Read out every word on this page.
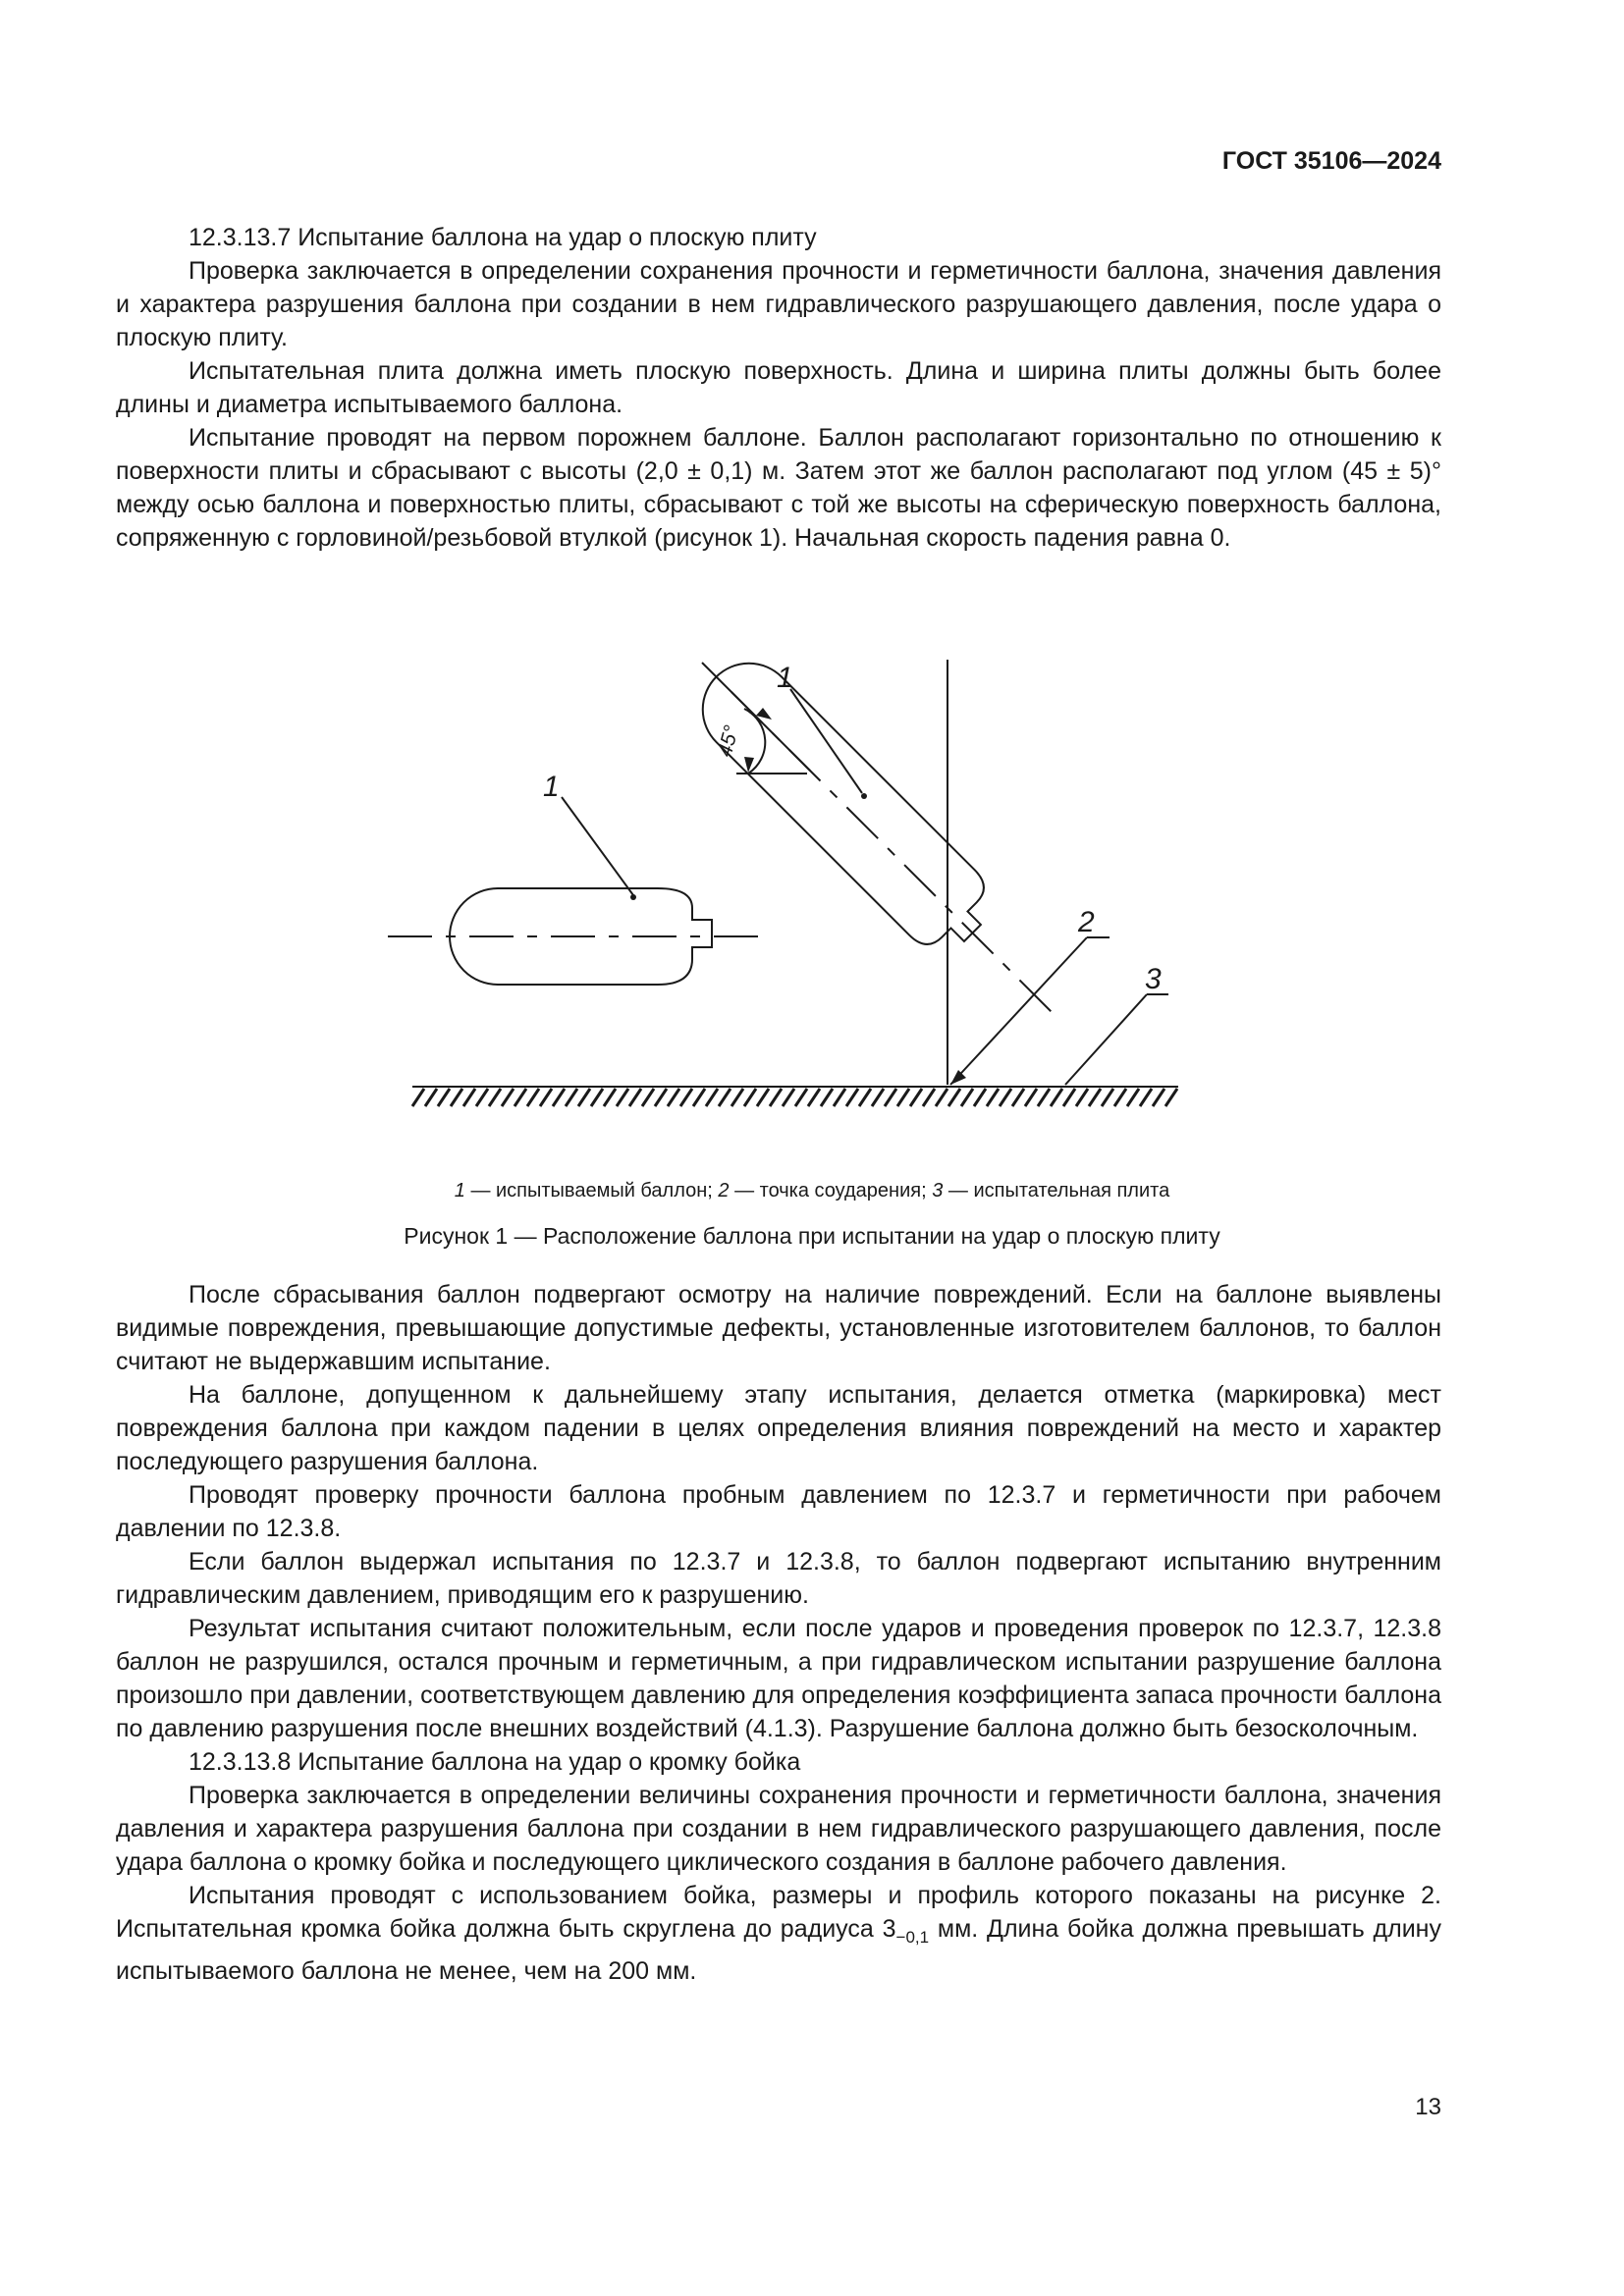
ГОСТ 35106—2024

12.3.13.7 Испытание баллона на удар о плоскую плиту

Проверка заключается в определении сохранения прочности и герметичности баллона, значения давления и характера разрушения баллона при создании в нем гидравлического разрушающего давления, после удара о плоскую плиту.

Испытательная плита должна иметь плоскую поверхность. Длина и ширина плиты должны быть более длины и диаметра испытываемого баллона.

Испытание проводят на первом порожнем баллоне. Баллон располагают горизонтально по отношению к поверхности плиты и сбрасывают с высоты (2,0 ± 0,1) м. Затем этот же баллон располагают под углом (45 ± 5)° между осью баллона и поверхностью плиты, сбрасывают с той же высоты на сферическую поверхность баллона, сопряженную с горловиной/резьбовой втулкой (рисунок 1). Начальная скорость падения равна 0.

1
1
2
3
45°
1 — испытываемый баллон; 2 — точка соударения; 3 — испытательная плита
Рисунок 1 — Расположение баллона при испытании на удар о плоскую плиту

После сбрасывания баллон подвергают осмотру на наличие повреждений. Если на баллоне выявлены видимые повреждения, превышающие допустимые дефекты, установленные изготовителем баллонов, то баллон считают не выдержавшим испытание.

На баллоне, допущенном к дальнейшему этапу испытания, делается отметка (маркировка) мест повреждения баллона при каждом падении в целях определения влияния повреждений на место и характер последующего разрушения баллона.

Проводят проверку прочности баллона пробным давлением по 12.3.7 и герметичности при рабочем давлении по 12.3.8.

Если баллон выдержал испытания по 12.3.7 и 12.3.8, то баллон подвергают испытанию внутренним гидравлическим давлением, приводящим его к разрушению.

Результат испытания считают положительным, если после ударов и проведения проверок по 12.3.7, 12.3.8 баллон не разрушился, остался прочным и герметичным, а при гидравлическом испытании разрушение баллона произошло при давлении, соответствующем давлению для определения коэффициента запаса прочности баллона по давлению разрушения после внешних воздействий (4.1.3). Разрушение баллона должно быть безосколочным.

12.3.13.8 Испытание баллона на удар о кромку бойка

Проверка заключается в определении величины сохранения прочности и герметичности баллона, значения давления и характера разрушения баллона при создании в нем гидравлического разрушающего давления, после удара баллона о кромку бойка и последующего циклического создания в баллоне рабочего давления.

Испытания проводят с использованием бойка, размеры и профиль которого показаны на рисунке 2. Испытательная кромка бойка должна быть скруглена до радиуса $3_{-0,1}$ мм. Длина бойка должна превышать длину испытываемого баллона не менее, чем на 200 мм.

13
